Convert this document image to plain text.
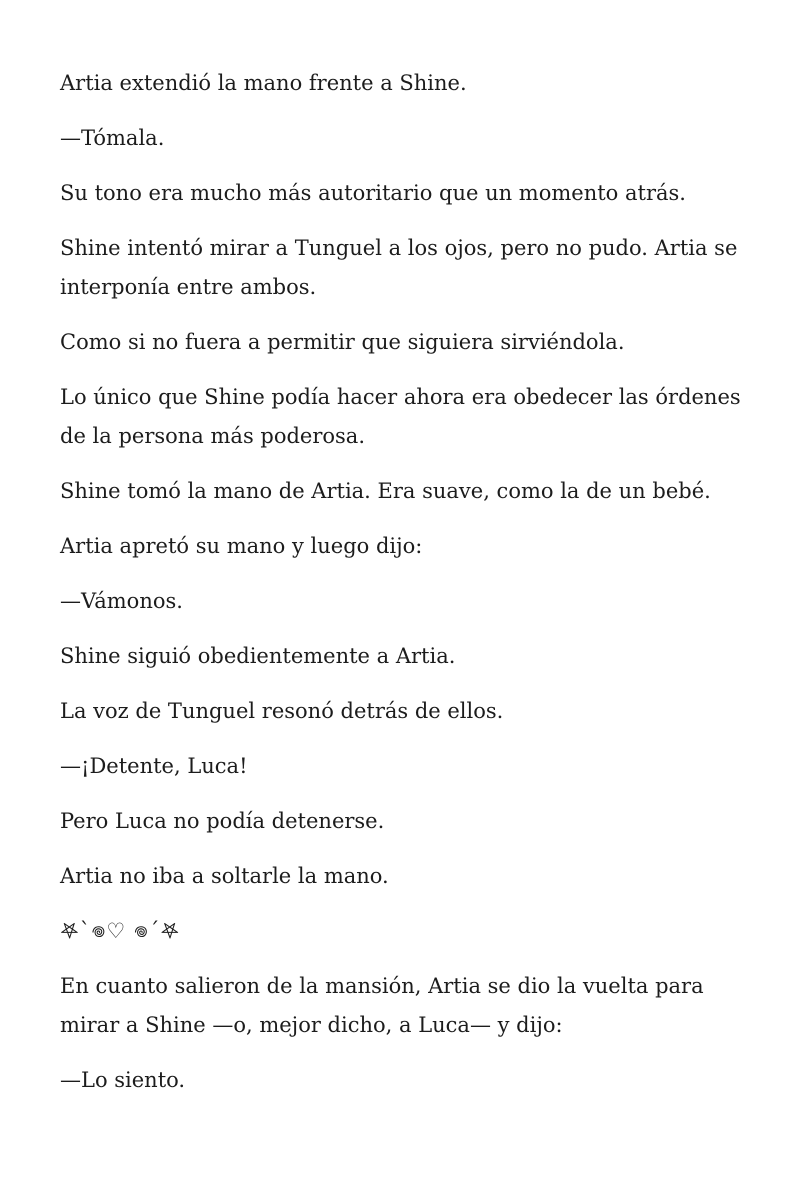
Artia extendió la mano frente a Shine.

—Tómala.

Su tono era mucho más autoritario que un momento atrás.

Shine intentó mirar a Tunguel a los ojos, pero no pudo. Artia se interponía entre ambos.

Como si no fuera a permitir que siguiera sirviéndola.

Lo único que Shine podía hacer ahora era obedecer las órdenes de la persona más poderosa.

Shine tomó la mano de Artia. Era suave, como la de un bebé.

Artia apretó su mano y luego dijo:

—Vámonos.

Shine siguió obedientemente a Artia.

La voz de Tunguel resonó detrás de ellos.

—¡Detente, Luca!

Pero Luca no podía detenerse.

Artia no iba a soltarle la mano.

𖤐`𖦹♡ 𖦹´𖤐

En cuanto salieron de la mansión, Artia se dio la vuelta para mirar a Shine —o, mejor dicho, a Luca— y dijo:

—Lo siento.
